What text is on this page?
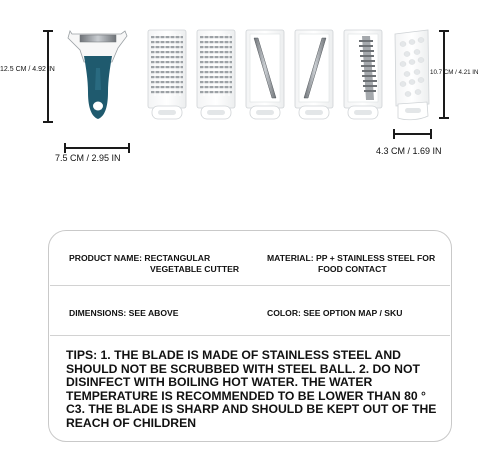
12.5 CM / 4.92 IN
7.5 CM / 2.95 IN
10.7 CM / 4.21 IN
4.3 CM / 1.69 IN
PRODUCT NAME: RECTANGULAR
VEGETABLE CUTTER
MATERIAL: PP + STAINLESS STEEL FOR
FOOD CONTACT
DIMENSIONS: SEE ABOVE	COLOR: SEE OPTION MAP / SKU
TIPS: 1. THE BLADE IS MADE OF STAINLESS STEEL AND SHOULD NOT BE SCRUBBED WITH STEEL BALL. 2. DO NOT DISINFECT WITH BOILING HOT WATER. THE WATER TEMPERATURE IS RECOMMENDED TO BE LOWER THAN 80 ° C3. THE BLADE IS SHARP AND SHOULD BE KEPT OUT OF THE REACH OF CHILDREN
